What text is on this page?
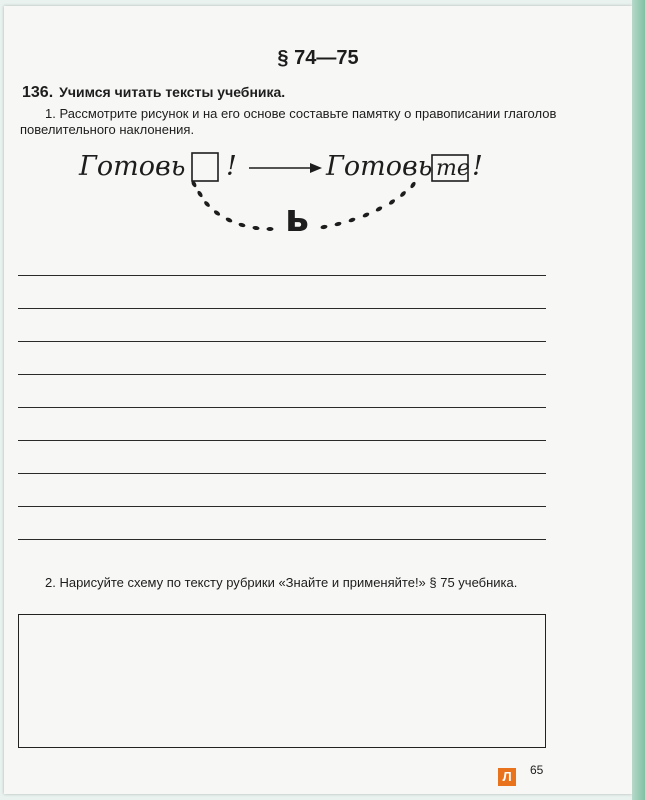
§ 74—75
136. Учимся читать тексты учебника.
1. Рассмотрите рисунок и на его основе составьте памятку о правописании глаголов повелительного наклонения.
Готовь !	Готовь те !
ь
2. Нарисуйте схему по тексту рубрики «Знайте и применяйте!» § 75 учебника.
65
Л
